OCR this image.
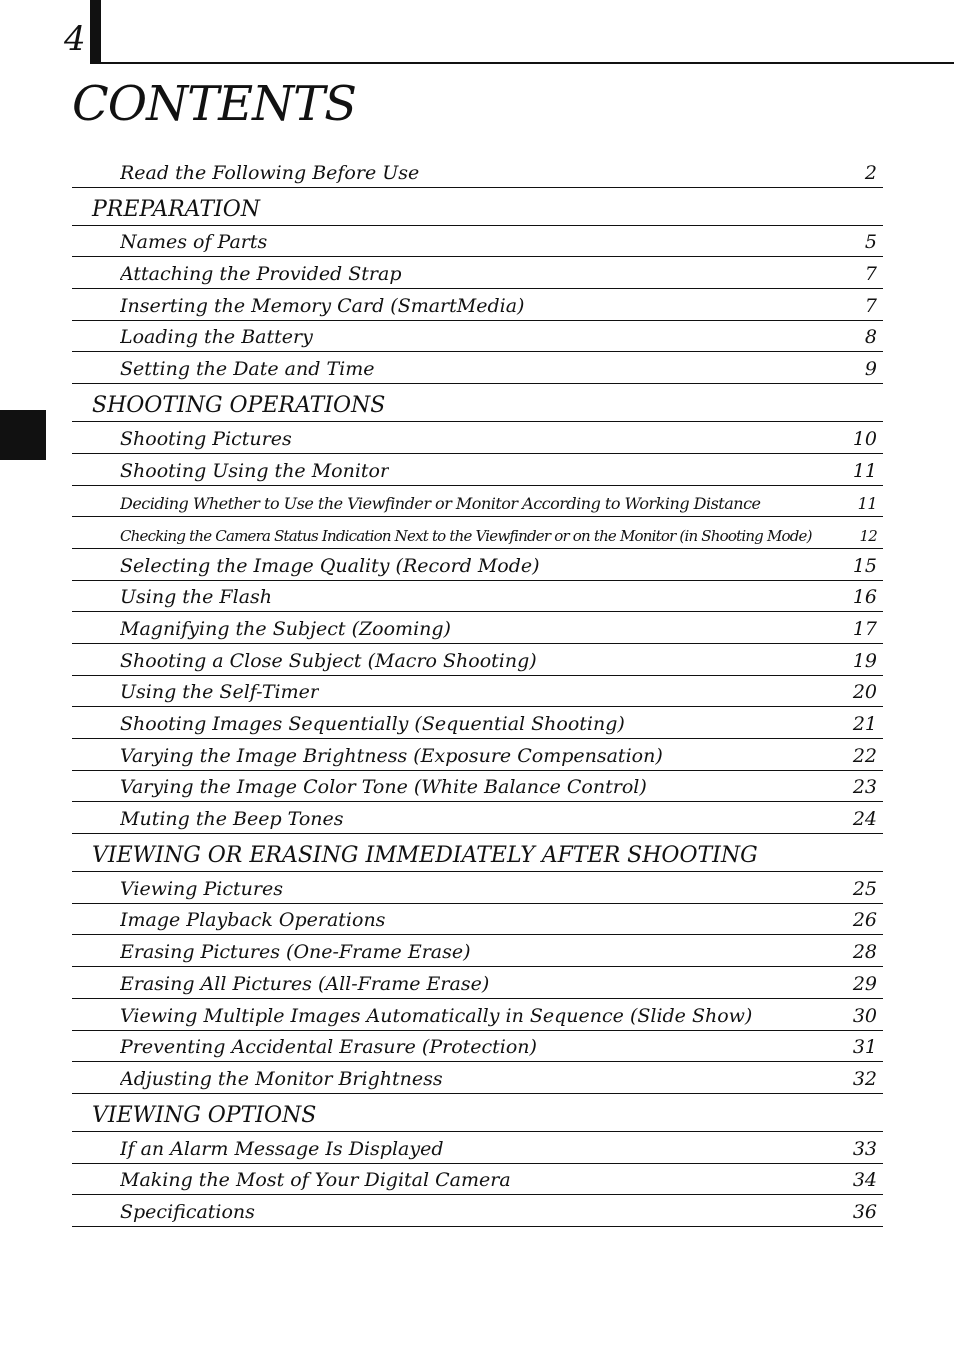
4
CONTENTS
Read the Following Before Use	2
PREPARATION
Names of Parts	5
Attaching the Provided Strap	7
Inserting the Memory Card (SmartMedia)	7
Loading the Battery	8
Setting the Date and Time	9
SHOOTING OPERATIONS
Shooting Pictures	10
Shooting Using the Monitor	11
Deciding Whether to Use the Viewfinder or Monitor According to Working Distance	11
Checking the Camera Status Indication Next to the Viewfinder or on the Monitor (in Shooting Mode)	12
Selecting the Image Quality (Record Mode)	15
Using the Flash	16
Magnifying the Subject (Zooming)	17
Shooting a Close Subject (Macro Shooting)	19
Using the Self-Timer	20
Shooting Images Sequentially (Sequential Shooting)	21
Varying the Image Brightness (Exposure Compensation)	22
Varying the Image Color Tone (White Balance Control)	23
Muting the Beep Tones	24
VIEWING OR ERASING IMMEDIATELY AFTER SHOOTING
Viewing Pictures	25
Image Playback Operations	26
Erasing Pictures (One-Frame Erase)	28
Erasing All Pictures (All-Frame Erase)	29
Viewing Multiple Images Automatically in Sequence (Slide Show)	30
Preventing Accidental Erasure (Protection)	31
Adjusting the Monitor Brightness	32
VIEWING OPTIONS
If an Alarm Message Is Displayed	33
Making the Most of Your Digital Camera	34
Specifications	36
